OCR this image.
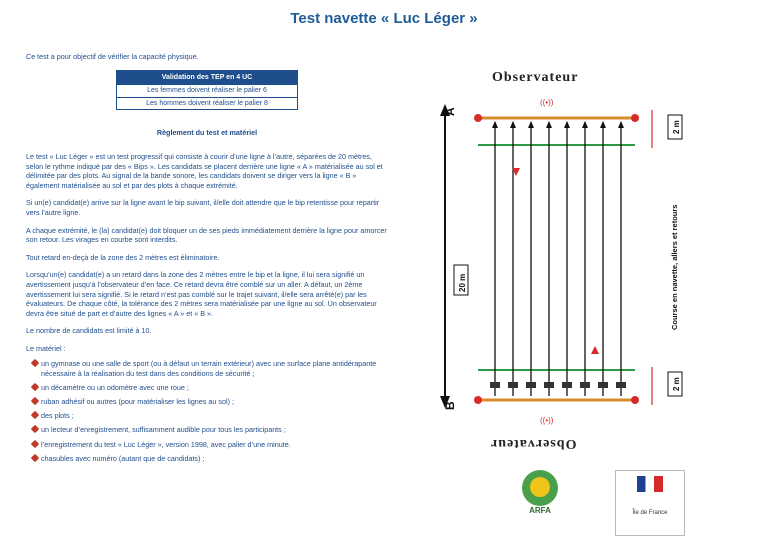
Test navette « Luc Léger »

Ce test a pour objectif de vérifier la capacité physique.

Validation des TEP en 4 UC
Les femmes doivent réaliser le palier 6
Les hommes doivent réaliser le palier 8

Règlement du test et matériel

Le test « Luc Léger » est un test progressif qui consiste à courir d’une ligne à l’autre, séparées de 20 mètres, selon le rythme indiqué par des « Bips ». Les candidats se placent derrière une ligne « A » matérialisée au sol et délimitée par des plots. Au signal de la bande sonore, les candidats doivent se diriger vers la ligne « B » également matérialisée au sol et par des plots à chaque extrémité.

Si un(e) candidat(e) arrive sur la ligne avant le bip suivant, il/elle doit attendre que le bip retentisse pour repartir vers l’autre ligne.

A chaque extrémité, le (la) candidat(e) doit bloquer un de ses pieds immédiatement derrière la ligne pour amorcer son retour. Les virages en courbe sont interdits.

Tout retard en-deçà de la zone des 2 mètres est éliminatoire.

Lorsqu’un(e) candidat(e) a un retard dans la zone des 2 mètres entre le bip et la ligne, il lui sera signifié un avertissement jusqu’à l’observateur d’en face. Ce retard devra être comblé sur un aller. A défaut, un 2ème avertissement lui sera signifié. Si le retard n’est pas comblé sur le trajet suivant, il/elle sera arrêté(e) par les évaluateurs. De chaque côté, la tolérance des 2 mètres sera matérialisée par une ligne au sol. Un observateur devra être situé de part et d’autre des lignes « A » et « B ».

Le nombre de candidats est limité à 10.

Le matériel :

un gymnase ou une salle de sport (ou à défaut un terrain extérieur) avec une surface plane antidérapante nécessaire à la réalisation du test dans des conditions de sécurité ;
un décamètre ou un odomètre avec une roue ;
ruban adhésif ou autres (pour matérialiser les lignes au sol) ;
des plots ;
un lecteur d’enregistrement, suffisamment audible pour tous les participants ;
l’enregistrement du test « Luc Léger », version 1998, avec palier d’une minute.
chasubles avec numéro (autant que de candidats) ;
Observateur
A
B
20 m
2 m
2 m
Course en navette, allers et retours
((•))
((•))
Observateur
ARFA	Île de France
